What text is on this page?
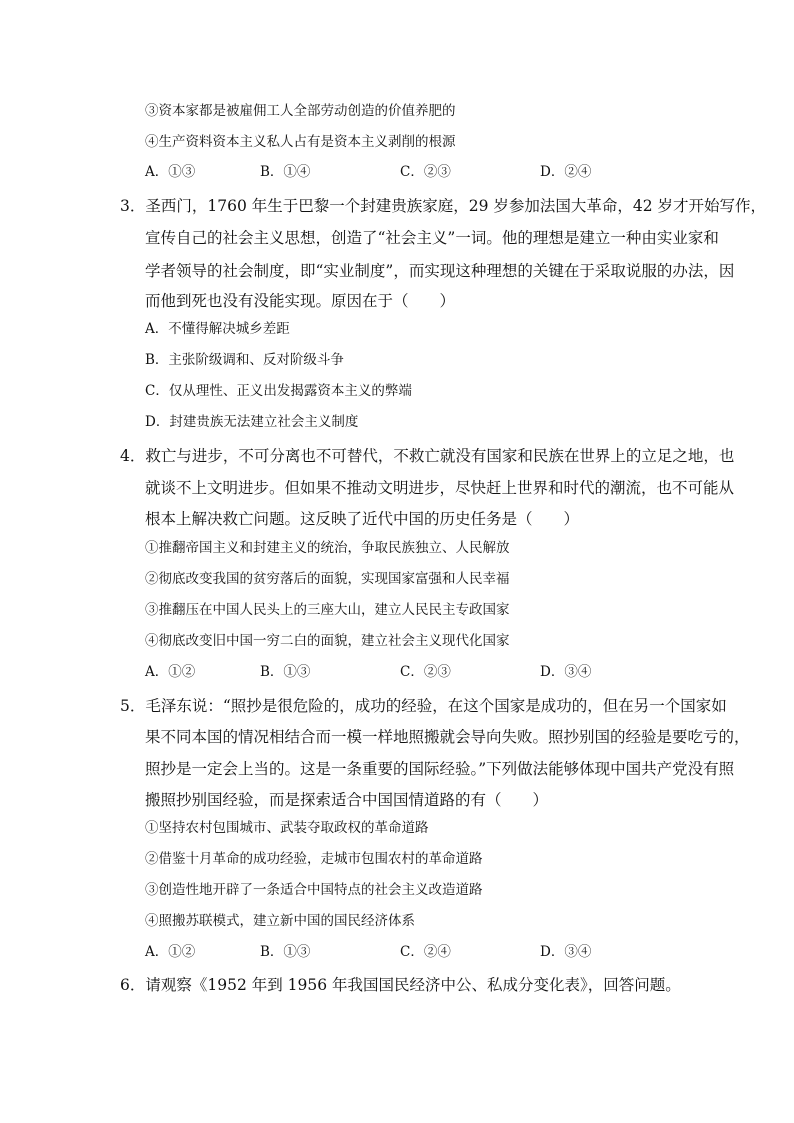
③资本家都是被雇佣工人全部劳动创造的价值养肥的
④生产资料资本主义私人占有是资本主义剥削的根源
A．①③	B．①④	C．②③	D．②④
3．圣西门，1760 年生于巴黎一个封建贵族家庭，29 岁参加法国大革命，42 岁才开始写作，
宣传自己的社会主义思想，创造了“社会主义”一词。他的理想是建立一种由实业家和
学者领导的社会制度，即“实业制度”，而实现这种理想的关键在于采取说服的办法，因
而他到死也没有没能实现。原因在于（　　）
A．不懂得解决城乡差距
B．主张阶级调和、反对阶级斗争
C．仅从理性、正义出发揭露资本主义的弊端
D．封建贵族无法建立社会主义制度
4．救亡与进步，不可分离也不可替代，不救亡就没有国家和民族在世界上的立足之地，也
就谈不上文明进步。但如果不推动文明进步，尽快赶上世界和时代的潮流，也不可能从
根本上解决救亡问题。这反映了近代中国的历史任务是（　　）
①推翻帝国主义和封建主义的统治，争取民族独立、人民解放
②彻底改变我国的贫穷落后的面貌，实现国家富强和人民幸福
③推翻压在中国人民头上的三座大山，建立人民民主专政国家
④彻底改变旧中国一穷二白的面貌，建立社会主义现代化国家
A．①②	B．①③	C．②③	D．③④
5．毛泽东说：“照抄是很危险的，成功的经验，在这个国家是成功的，但在另一个国家如
果不同本国的情况相结合而一模一样地照搬就会导向失败。照抄别国的经验是要吃亏的，
照抄是一定会上当的。这是一条重要的国际经验。”下列做法能够体现中国共产党没有照
搬照抄别国经验，而是探索适合中国国情道路的有（　　）
①坚持农村包围城市、武装夺取政权的革命道路
②借鉴十月革命的成功经验，走城市包围农村的革命道路
③创造性地开辟了一条适合中国特点的社会主义改造道路
④照搬苏联模式，建立新中国的国民经济体系
A．①②	B．①③	C．②④	D．③④
6．请观察《1952 年到 1956 年我国国民经济中公、私成分变化表》，回答问题。
